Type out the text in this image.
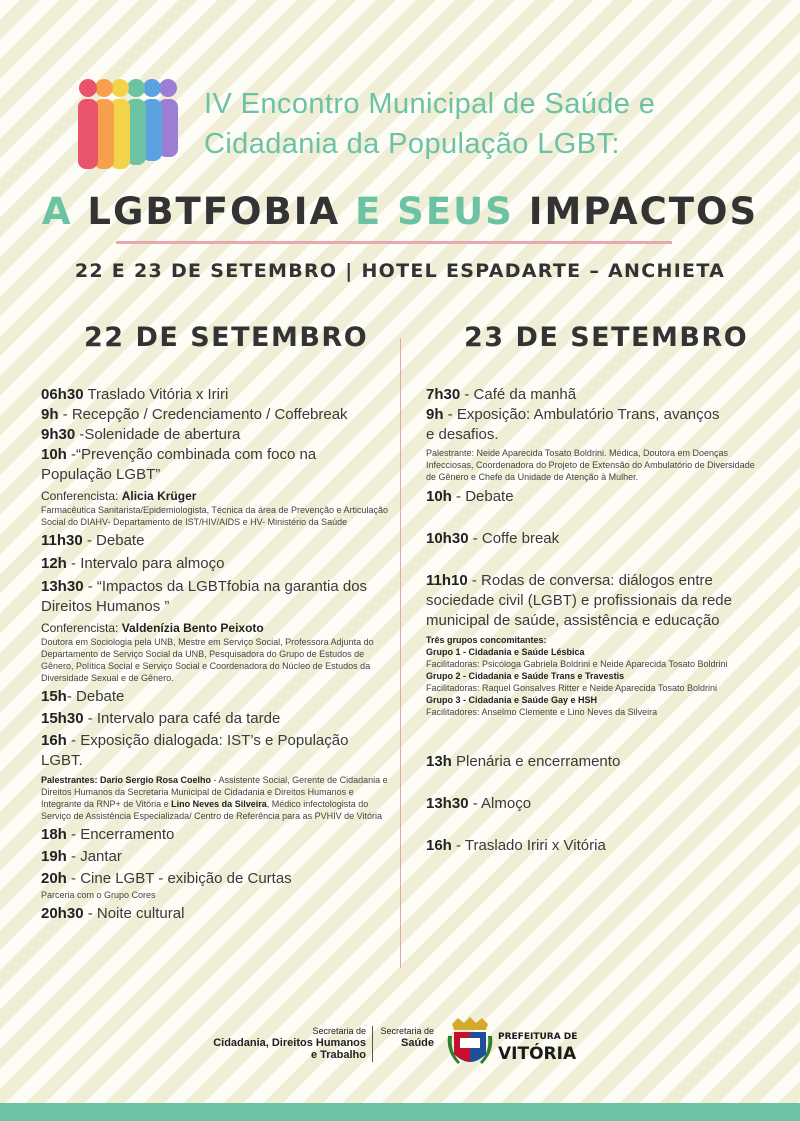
IV Encontro Municipal de Saúde e
Cidadania da População LGBT:
A LGBTFOBIA E SEUS IMPACTOS
22 E 23 DE SETEMBRO | HOTEL ESPADARTE – ANCHIETA
22 DE SETEMBRO	23 DE SETEMBRO
06h30 Traslado Vitória x Iriri
9h - Recepção / Credenciamento / Coffebreak
9h30 -Solenidade de abertura
10h -“Prevenção combinada com foco na População LGBT”
Conferencista: Alicia Krüger
Farmacêutica Sanitarista/Epidemiologista, Técnica da área de Prevenção e Articulação Social do DIAHV- Departamento de IST/HIV/AIDS e HV- Ministério da Saúde
11h30 - Debate
12h - Intervalo para almoço
13h30 - “Impactos da LGBTfobia na garantia dos Direitos Humanos ”
Conferencista: Valdenízia Bento Peixoto
Doutora em Sociologia pela UNB, Mestre em Serviço Social, Professora Adjunta do Departamento de Serviço Social da UNB, Pesquisadora do Grupo de Estudos de Gênero, Política Social e Serviço Social e Coordenadora do Núcleo de Estudos da Diversidade Sexual e de Gênero.
15h- Debate
15h30 - Intervalo para café da tarde
16h - Exposição dialogada: IST’s e População LGBT.
Palestrantes: Dario Sergio Rosa Coelho - Assistente Social, Gerente de Cidadania e Direitos Humanos da Secretaria Municipal de Cidadania e Direitos Humanos e Integrante da RNP+ de Vitória e Lino Neves da Silveira, Médico infectologista do Serviço de Assistência Especializada/ Centro de Referência para as PVHIV de Vitória
18h - Encerramento
19h - Jantar
20h - Cine LGBT - exibição de Curtas
Parceria com o Grupo Cores
20h30 - Noite cultural
7h30 - Café da manhã
9h - Exposição: Ambulatório Trans, avanços e desafios.
Palestrante: Neide Aparecida Tosato Boldrini. Médica, Doutora em Doenças Infecciosas, Coordenadora do Projeto de Extensão do Ambulatório de Diversidade de Gênero e Chefe da Unidade de Atenção à Mulher.
10h - Debate
10h30 - Coffe break
11h10 - Rodas de conversa: diálogos entre sociedade civil (LGBT) e profissionais da rede municipal de saúde, assistência e educação
Três grupos concomitantes:
Grupo 1 - Cidadania e Saúde Lésbica
Facilitadoras: Psicóloga Gabriela Boldrini e Neide Aparecida Tosato Boldrini
Grupo 2 - Cidadania e Saúde Trans e Travestis
Facilitadoras: Raquel Gonsalves Ritter e Neide Aparecida Tosato Boldrini
Grupo 3 - Cidadania e Saúde Gay e HSH
Facilitadores: Anselmo Clemente e Lino Neves da Silveira
13h Plenária e encerramento
13h30 - Almoço
16h - Traslado Iriri x Vitória
Secretaria de
Cidadania, Direitos Humanos
e Trabalho
Secretaria de
Saúde	PREFEITURA DE
VITÓRIA
